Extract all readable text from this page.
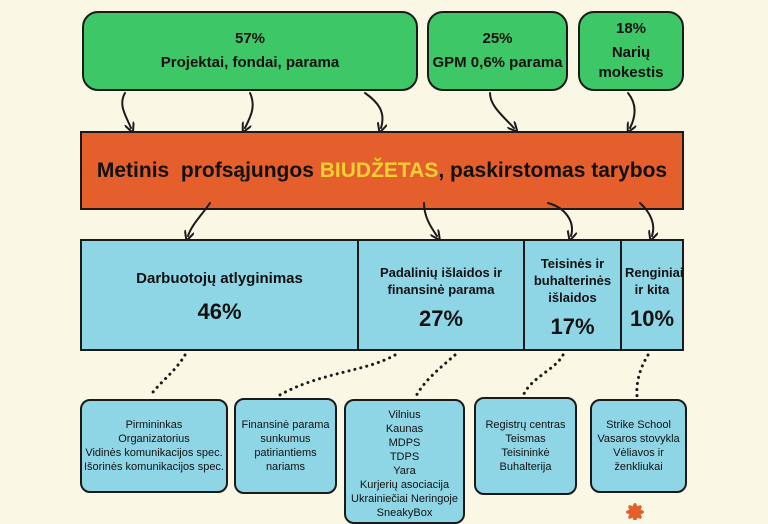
57%
Projektai, fondai, parama
25%
GPM 0,6% parama
18%
Narių mokestis
Metinis  profsąjungos BIUDŽETAS , paskirstomas tarybos
Darbuotojų atlyginimas
46%
Padalinių išlaidos ir finansinė parama
27%
Teisinės ir buhalterinės išlaidos
17%
Renginiai ir kita
10%
Pirmininkas
Organizatorius
Vidinės komunikacijos spec.
Išorinės komunikacijos spec.
Finansinė parama
sunkumus
patiriantiems
nariams
Vilnius
Kaunas
MDPS
TDPS
Yara
Kurjerių asociacija
Ukrainiečiai Neringoje
SneakyBox
Registrų centras
Teismas
Teisininkė
Buhalterija
Strike School
Vasaros stovykla
Vėliavos ir
ženkliukai
